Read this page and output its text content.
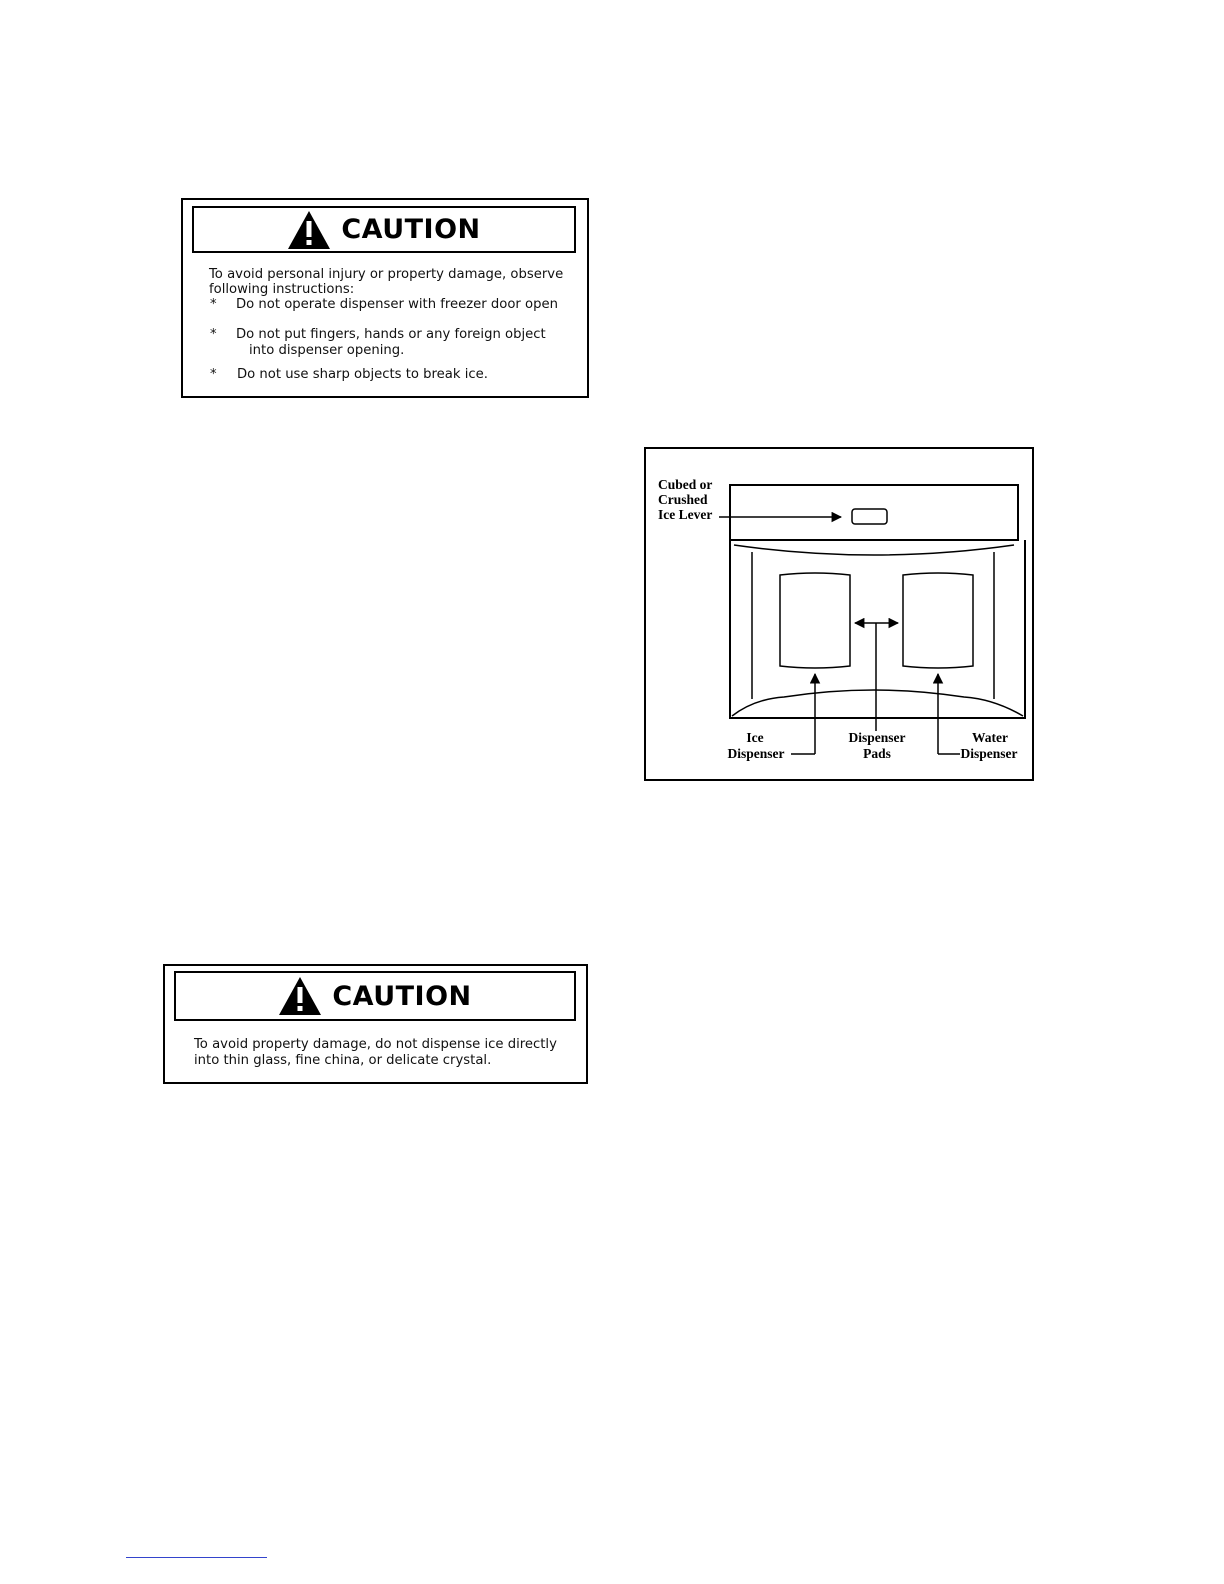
CAUTION
To avoid personal injury or property damage, observe
following instructions:
* Do not operate dispenser with freezer door open
* Do not put fingers, hands or any foreign object
into dispenser opening.
* Do not use sharp objects to break ice.
Cubed or
Crushed
Ice Lever
Ice
Dispenser
Dispenser
Pads
Water
Dispenser
CAUTION
To avoid property damage, do not dispense ice directly
into thin glass, fine china, or delicate crystal.
